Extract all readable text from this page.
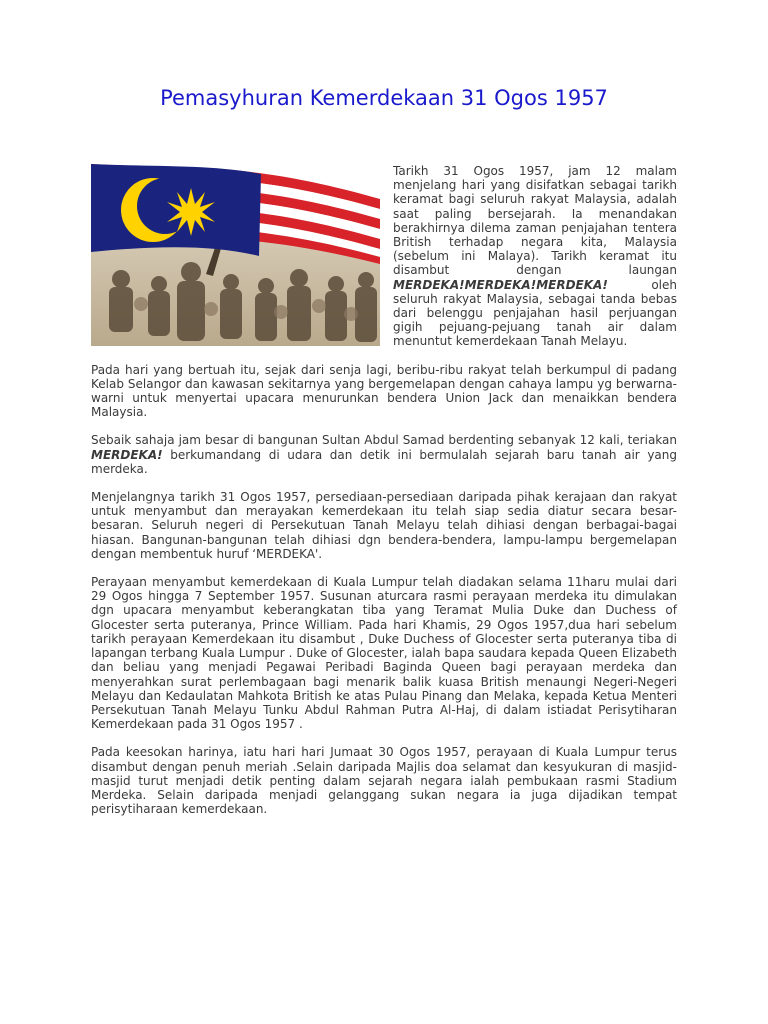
Pemasyhuran Kemerdekaan 31 Ogos 1957

Tarikh 31 Ogos 1957, jam 12 malam menjelang hari yang disifatkan sebagai tarikh keramat bagi seluruh rakyat Malaysia, adalah saat paling bersejarah. Ia menandakan berakhirnya dilema zaman penjajahan tentera British terhadap negara kita, Malaysia (sebelum ini Malaya). Tarikh keramat itu disambut dengan laungan MERDEKA!MERDEKA!MERDEKA! oleh seluruh rakyat Malaysia, sebagai tanda bebas dari belenggu penjajahan hasil perjuangan gigih pejuang-pejuang tanah air dalam menuntut kemerdekaan Tanah Melayu.

Pada hari yang bertuah itu, sejak dari senja lagi, beribu-ribu rakyat telah berkumpul di padang Kelab Selangor dan kawasan sekitarnya yang bergemelapan dengan cahaya lampu yg berwarna-warni untuk menyertai upacara menurunkan bendera Union Jack dan menaikkan bendera Malaysia.

Sebaik sahaja jam besar di bangunan Sultan Abdul Samad berdenting sebanyak 12 kali, teriakan MERDEKA! berkumandang di udara dan detik ini bermulalah sejarah baru tanah air yang merdeka.

Menjelangnya tarikh 31 Ogos 1957, persediaan-persediaan daripada pihak kerajaan dan rakyat untuk menyambut dan merayakan kemerdekaan itu telah siap sedia diatur secara besar-besaran. Seluruh negeri di Persekutuan Tanah Melayu telah dihiasi dengan berbagai-bagai hiasan. Bangunan-bangunan telah dihiasi dgn bendera-bendera, lampu-lampu bergemelapan dengan membentuk huruf ‘MERDEKA'.

Perayaan menyambut kemerdekaan di Kuala Lumpur telah diadakan selama 11haru mulai dari 29 Ogos hingga 7 September 1957. Susunan aturcara rasmi perayaan merdeka itu dimulakan dgn upacara menyambut keberangkatan tiba yang Teramat Mulia Duke dan Duchess of Glocester serta puteranya, Prince William. Pada hari Khamis, 29 Ogos 1957,dua hari sebelum tarikh perayaan Kemerdekaan itu disambut , Duke Duchess of Glocester serta puteranya tiba di lapangan terbang Kuala Lumpur . Duke of Glocester, ialah bapa saudara kepada Queen Elizabeth dan beliau yang menjadi Pegawai Peribadi Baginda Queen bagi perayaan merdeka dan menyerahkan surat perlembagaan bagi menarik balik kuasa British menaungi Negeri-Negeri Melayu dan Kedaulatan Mahkota British ke atas Pulau Pinang dan Melaka, kepada Ketua Menteri Persekutuan Tanah Melayu Tunku Abdul Rahman Putra Al-Haj, di dalam istiadat Perisytiharan Kemerdekaan pada 31 Ogos 1957 .

Pada keesokan harinya, iatu hari hari Jumaat 30 Ogos 1957, perayaan di Kuala Lumpur terus disambut dengan penuh meriah .Selain daripada Majlis doa selamat dan kesyukuran di masjid-masjid turut menjadi detik penting dalam sejarah negara ialah pembukaan rasmi Stadium Merdeka. Selain daripada menjadi gelanggang sukan negara ia juga dijadikan tempat perisytiharaan kemerdekaan.
